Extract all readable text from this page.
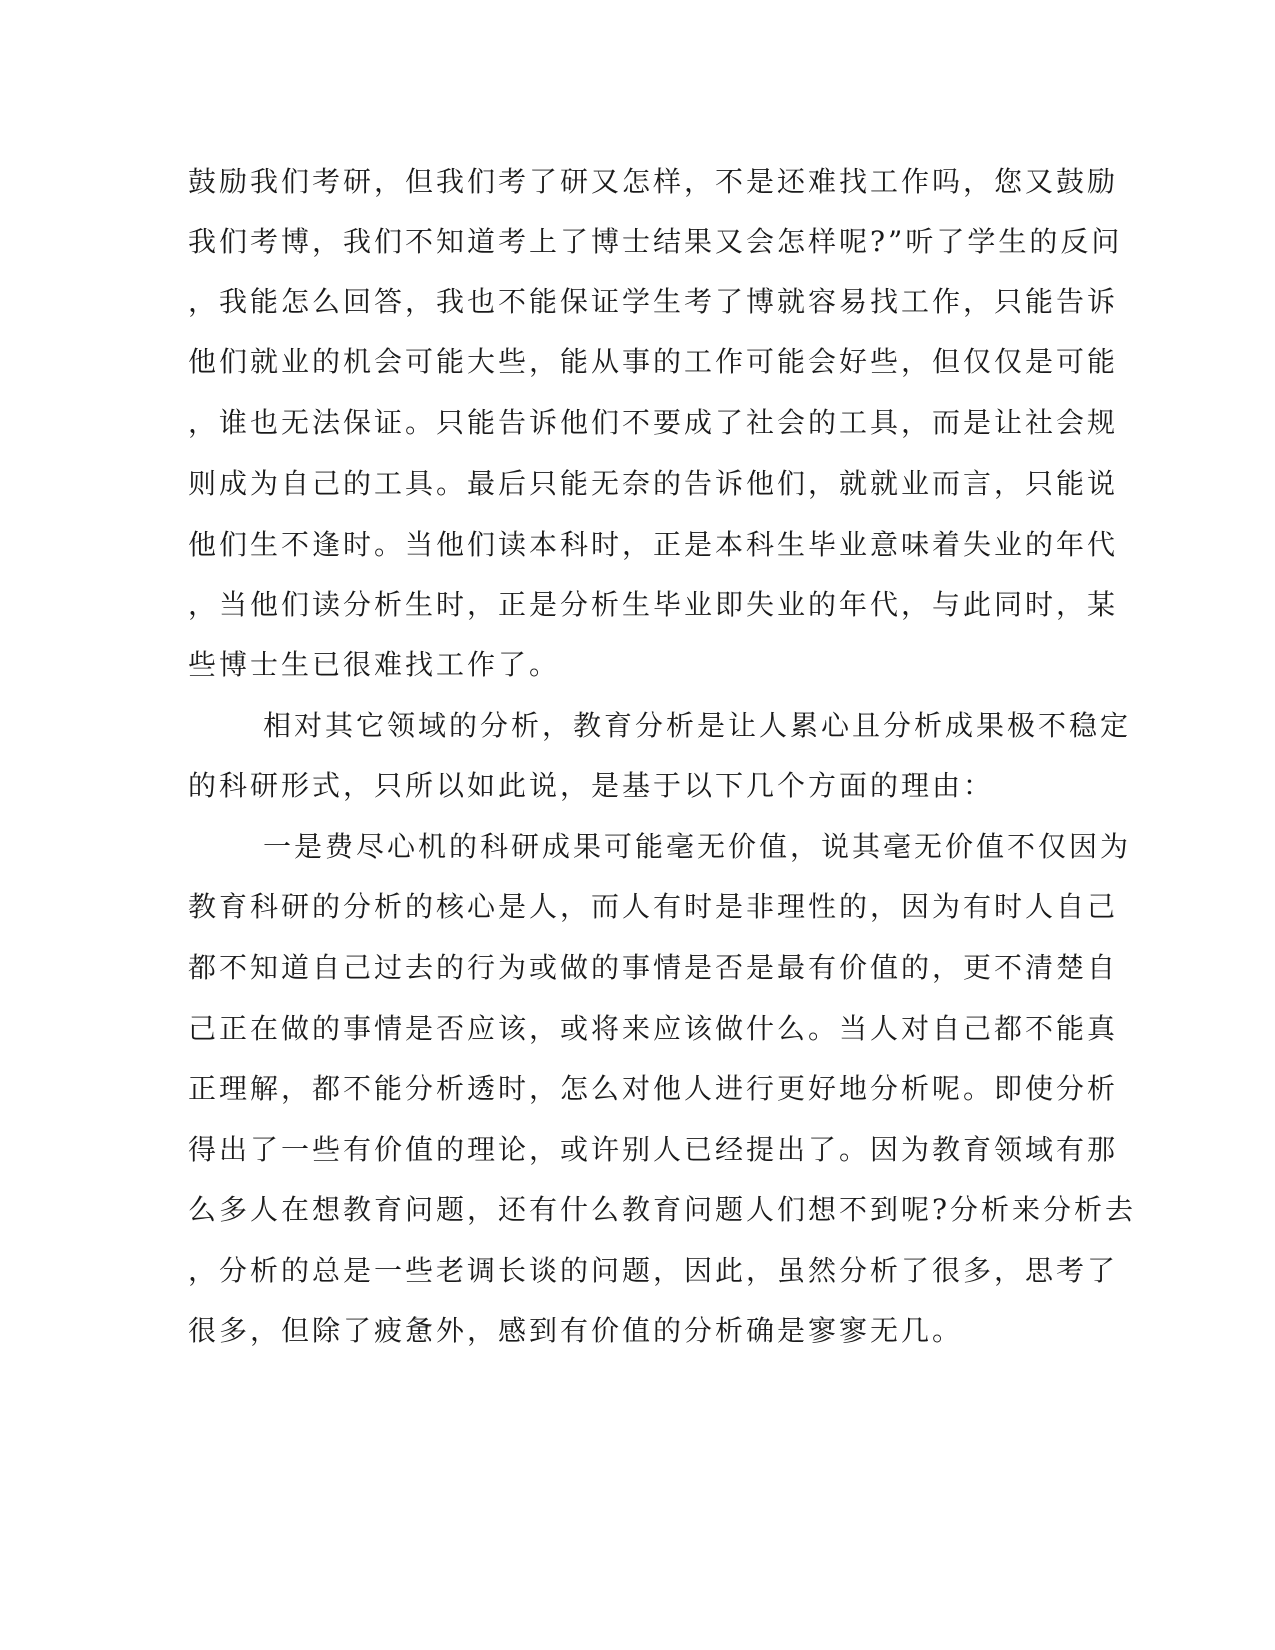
鼓励我们考研，但我们考了研又怎样，不是还难找工作吗，您又鼓励
我们考博，我们不知道考上了博士结果又会怎样呢?”听了学生的反问
，我能怎么回答，我也不能保证学生考了博就容易找工作，只能告诉
他们就业的机会可能大些，能从事的工作可能会好些，但仅仅是可能
，谁也无法保证。只能告诉他们不要成了社会的工具，而是让社会规
则成为自己的工具。最后只能无奈的告诉他们，就就业而言，只能说
他们生不逢时。当他们读本科时，正是本科生毕业意味着失业的年代
，当他们读分析生时，正是分析生毕业即失业的年代，与此同时，某
些博士生已很难找工作了。
相对其它领域的分析，教育分析是让人累心且分析成果极不稳定
的科研形式，只所以如此说，是基于以下几个方面的理由：
一是费尽心机的科研成果可能毫无价值，说其毫无价值不仅因为
教育科研的分析的核心是人，而人有时是非理性的，因为有时人自己
都不知道自己过去的行为或做的事情是否是最有价值的，更不清楚自
己正在做的事情是否应该，或将来应该做什么。当人对自己都不能真
正理解，都不能分析透时，怎么对他人进行更好地分析呢。即使分析
得出了一些有价值的理论，或许别人已经提出了。因为教育领域有那
么多人在想教育问题，还有什么教育问题人们想不到呢?分析来分析去
，分析的总是一些老调长谈的问题，因此，虽然分析了很多，思考了
很多，但除了疲惫外，感到有价值的分析确是寥寥无几。
